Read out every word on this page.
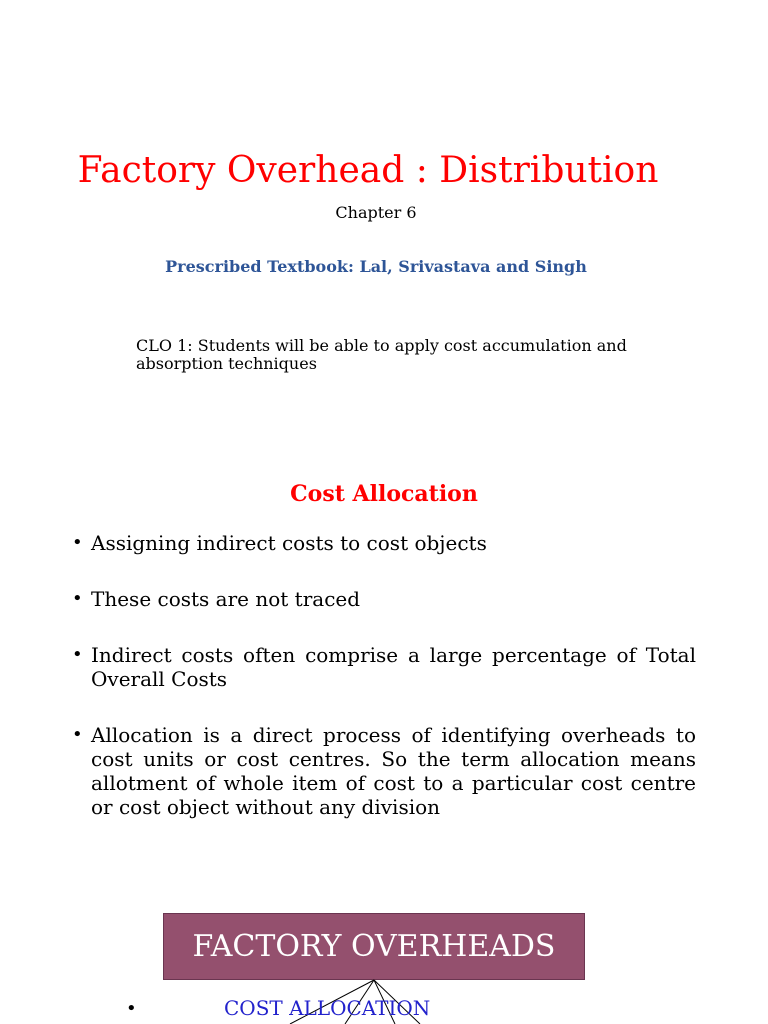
Factory Overhead : Distribution
Chapter 6
Prescribed Textbook: Lal, Srivastava and Singh
CLO 1: Students will be able to apply cost accumulation and absorption techniques
Cost Allocation
• Assigning indirect costs to cost objects
• These costs are not traced
• Indirect costs often comprise a large percentage of Total Overall Costs
• Allocation is a direct process of identifying overheads to cost units or cost centres. So the term allocation means allotment of whole item of cost to a particular cost centre or cost object without any division
FACTORY OVERHEADS
•	COST ALLOCATION
